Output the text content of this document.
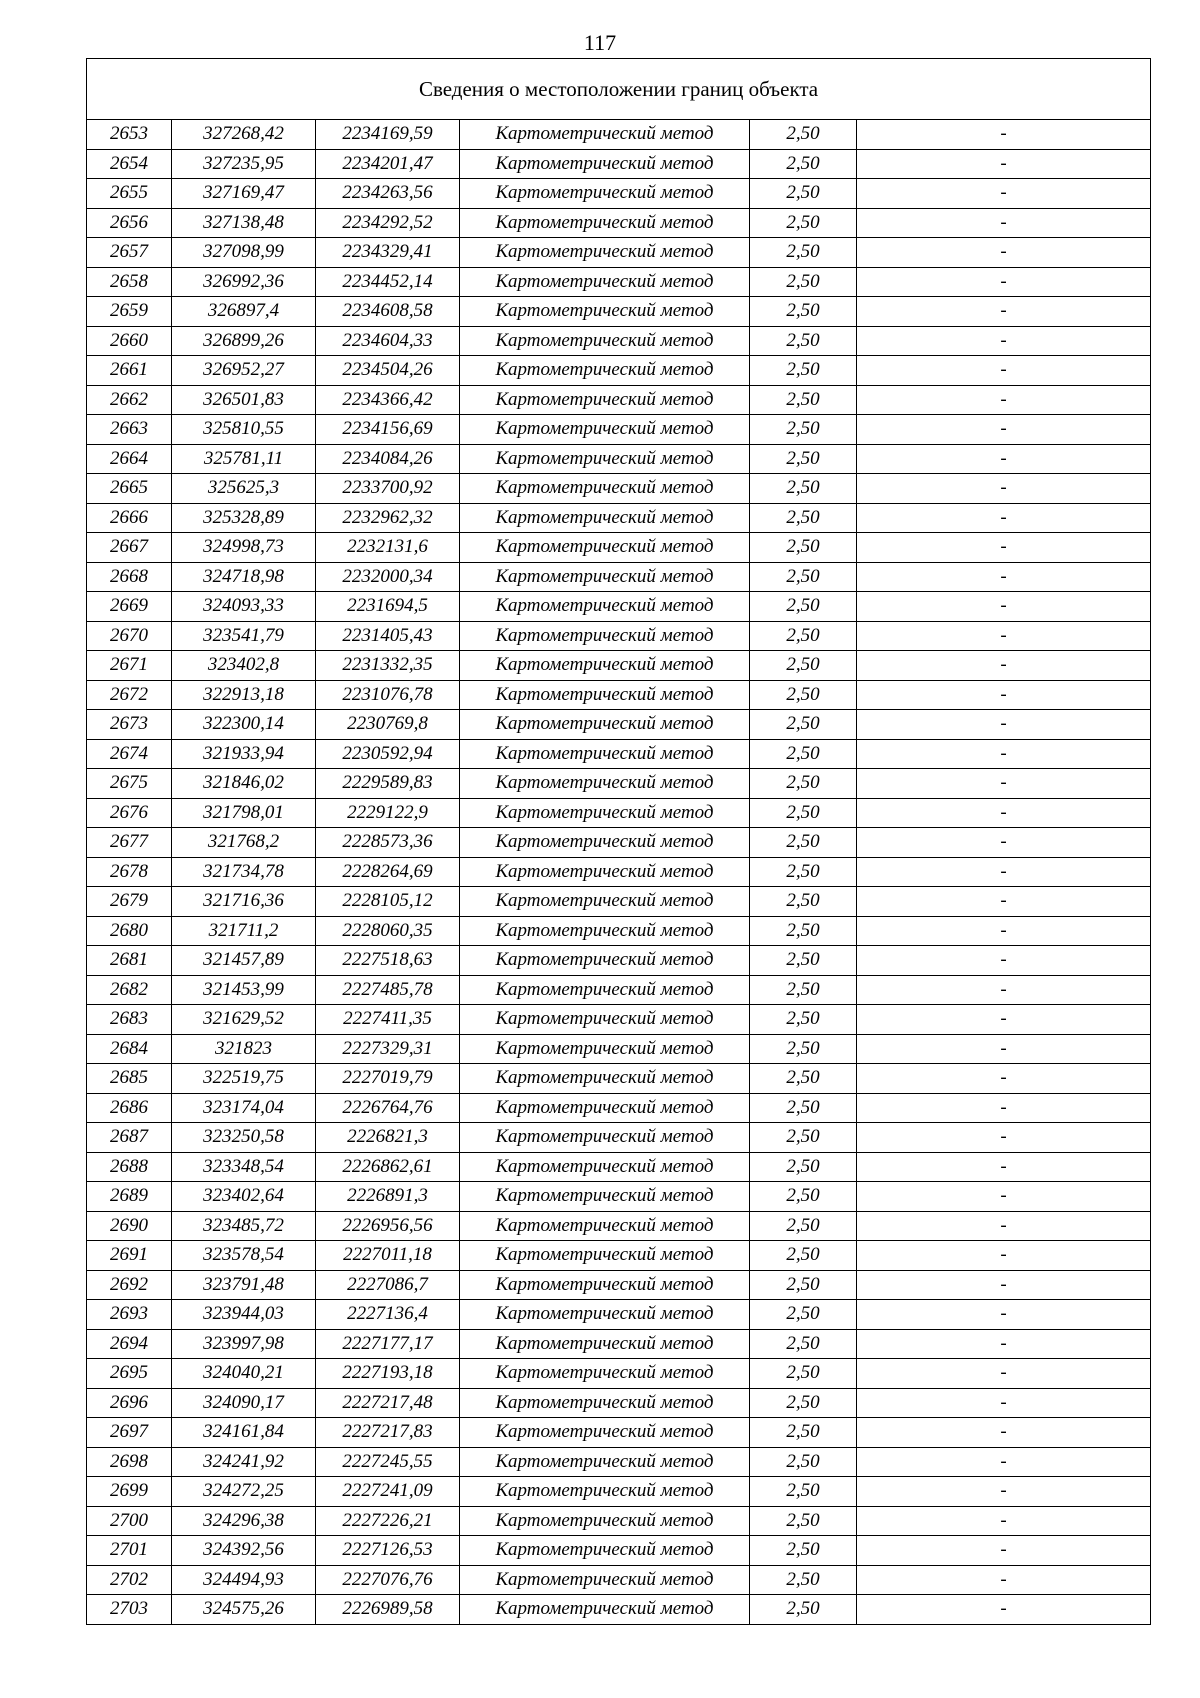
117
Сведения о местоположении границ объекта					
2653	327268,42	2234169,59	Картометрический метод	2,50	-
2654	327235,95	2234201,47	Картометрический метод	2,50	-
2655	327169,47	2234263,56	Картометрический метод	2,50	-
2656	327138,48	2234292,52	Картометрический метод	2,50	-
2657	327098,99	2234329,41	Картометрический метод	2,50	-
2658	326992,36	2234452,14	Картометрический метод	2,50	-
2659	326897,4	2234608,58	Картометрический метод	2,50	-
2660	326899,26	2234604,33	Картометрический метод	2,50	-
2661	326952,27	2234504,26	Картометрический метод	2,50	-
2662	326501,83	2234366,42	Картометрический метод	2,50	-
2663	325810,55	2234156,69	Картометрический метод	2,50	-
2664	325781,11	2234084,26	Картометрический метод	2,50	-
2665	325625,3	2233700,92	Картометрический метод	2,50	-
2666	325328,89	2232962,32	Картометрический метод	2,50	-
2667	324998,73	2232131,6	Картометрический метод	2,50	-
2668	324718,98	2232000,34	Картометрический метод	2,50	-
2669	324093,33	2231694,5	Картометрический метод	2,50	-
2670	323541,79	2231405,43	Картометрический метод	2,50	-
2671	323402,8	2231332,35	Картометрический метод	2,50	-
2672	322913,18	2231076,78	Картометрический метод	2,50	-
2673	322300,14	2230769,8	Картометрический метод	2,50	-
2674	321933,94	2230592,94	Картометрический метод	2,50	-
2675	321846,02	2229589,83	Картометрический метод	2,50	-
2676	321798,01	2229122,9	Картометрический метод	2,50	-
2677	321768,2	2228573,36	Картометрический метод	2,50	-
2678	321734,78	2228264,69	Картометрический метод	2,50	-
2679	321716,36	2228105,12	Картометрический метод	2,50	-
2680	321711,2	2228060,35	Картометрический метод	2,50	-
2681	321457,89	2227518,63	Картометрический метод	2,50	-
2682	321453,99	2227485,78	Картометрический метод	2,50	-
2683	321629,52	2227411,35	Картометрический метод	2,50	-
2684	321823	2227329,31	Картометрический метод	2,50	-
2685	322519,75	2227019,79	Картометрический метод	2,50	-
2686	323174,04	2226764,76	Картометрический метод	2,50	-
2687	323250,58	2226821,3	Картометрический метод	2,50	-
2688	323348,54	2226862,61	Картометрический метод	2,50	-
2689	323402,64	2226891,3	Картометрический метод	2,50	-
2690	323485,72	2226956,56	Картометрический метод	2,50	-
2691	323578,54	2227011,18	Картометрический метод	2,50	-
2692	323791,48	2227086,7	Картометрический метод	2,50	-
2693	323944,03	2227136,4	Картометрический метод	2,50	-
2694	323997,98	2227177,17	Картометрический метод	2,50	-
2695	324040,21	2227193,18	Картометрический метод	2,50	-
2696	324090,17	2227217,48	Картометрический метод	2,50	-
2697	324161,84	2227217,83	Картометрический метод	2,50	-
2698	324241,92	2227245,55	Картометрический метод	2,50	-
2699	324272,25	2227241,09	Картометрический метод	2,50	-
2700	324296,38	2227226,21	Картометрический метод	2,50	-
2701	324392,56	2227126,53	Картометрический метод	2,50	-
2702	324494,93	2227076,76	Картометрический метод	2,50	-
2703	324575,26	2226989,58	Картометрический метод	2,50	-
